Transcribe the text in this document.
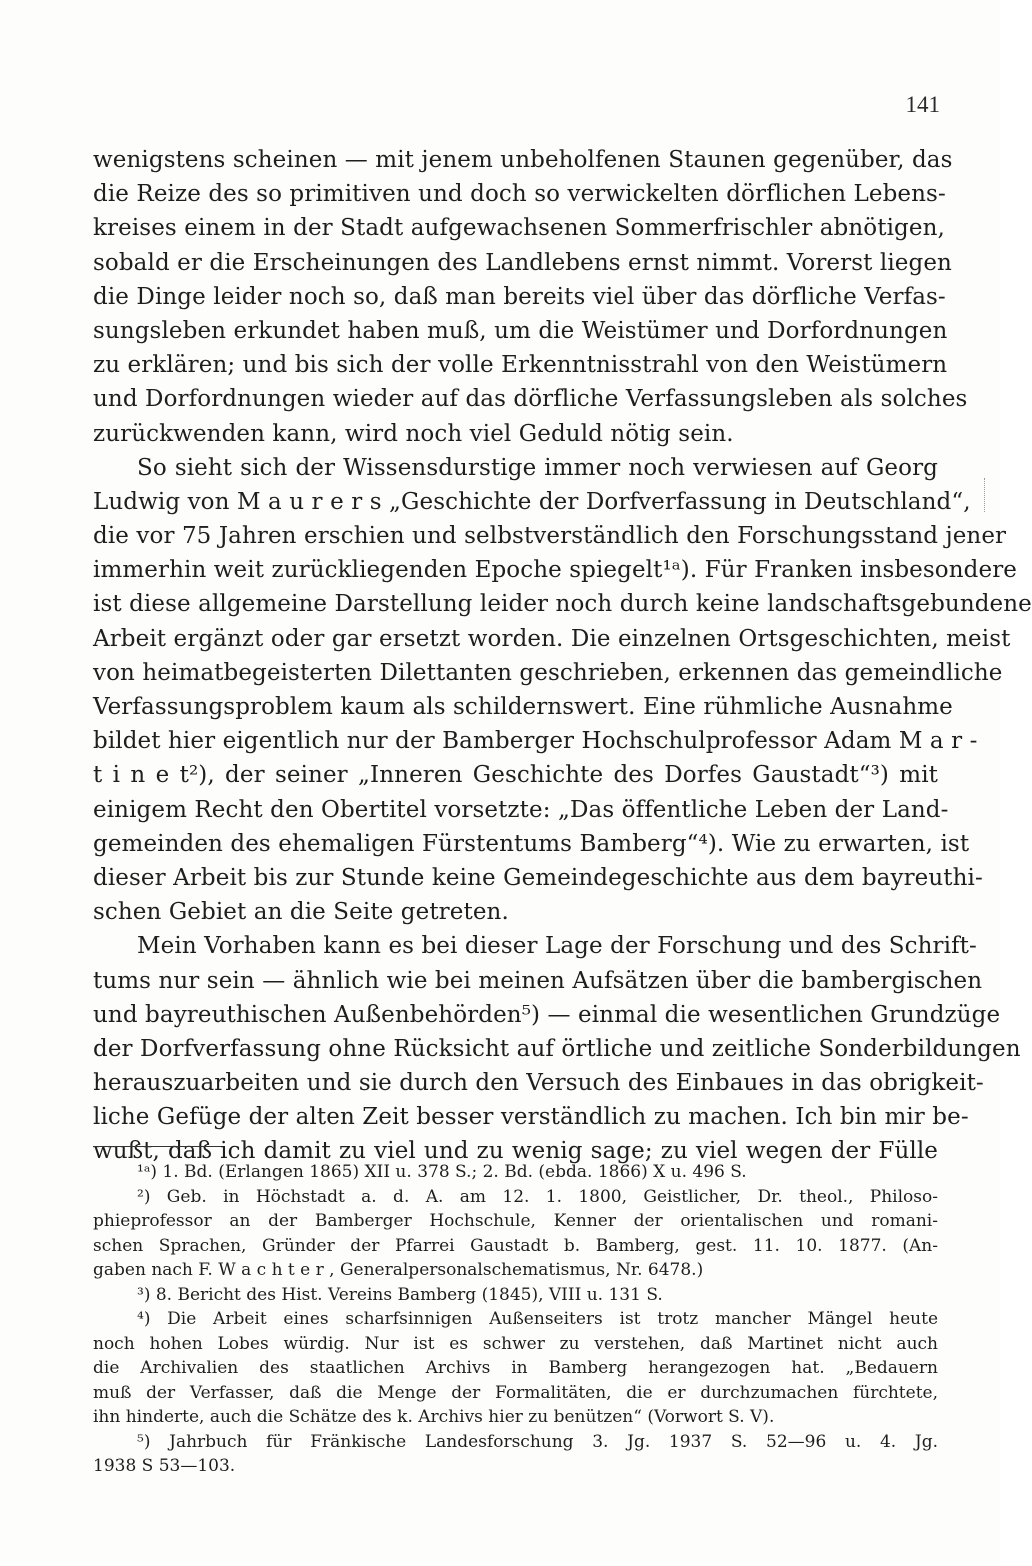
141
wenigstens scheinen — mit jenem unbeholfenen Staunen gegenüber, das
die Reize des so primitiven und doch so verwickelten dörflichen Lebens-
kreises einem in der Stadt aufgewachsenen Sommerfrischler abnötigen,
sobald er die Erscheinungen des Landlebens ernst nimmt. Vorerst liegen
die Dinge leider noch so, daß man bereits viel über das dörfliche Verfas-
sungsleben erkundet haben muß, um die Weistümer und Dorfordnungen
zu erklären; und bis sich der volle Erkenntnisstrahl von den Weistümern
und Dorfordnungen wieder auf das dörfliche Verfassungsleben als solches
zurückwenden kann, wird noch viel Geduld nötig sein.
So sieht sich der Wissensdurstige immer noch verwiesen auf Georg
Ludwig von M a u r e r s „Geschichte der Dorfverfassung in Deutschland“,
die vor 75 Jahren erschien und selbstverständlich den Forschungsstand jener
immerhin weit zurückliegenden Epoche spiegelt¹ᵃ). Für Franken insbesondere
ist diese allgemeine Darstellung leider noch durch keine landschaftsgebundene
Arbeit ergänzt oder gar ersetzt worden. Die einzelnen Ortsgeschichten, meist
von heimatbegeisterten Dilettanten geschrieben, erkennen das gemeindliche
Verfassungsproblem kaum als schildernswert. Eine rühmliche Ausnahme
bildet hier eigentlich nur der Bamberger Hochschulprofessor Adam M a r -
t i n e t²), der seiner „Inneren Geschichte des Dorfes Gaustadt“³) mit
einigem Recht den Obertitel vorsetzte: „Das öffentliche Leben der Land-
gemeinden des ehemaligen Fürstentums Bamberg“⁴). Wie zu erwarten, ist
dieser Arbeit bis zur Stunde keine Gemeindegeschichte aus dem bayreuthi-
schen Gebiet an die Seite getreten.
Mein Vorhaben kann es bei dieser Lage der Forschung und des Schrift-
tums nur sein — ähnlich wie bei meinen Aufsätzen über die bambergischen
und bayreuthischen Außenbehörden⁵) — einmal die wesentlichen Grundzüge
der Dorfverfassung ohne Rücksicht auf örtliche und zeitliche Sonderbildungen
herauszuarbeiten und sie durch den Versuch des Einbaues in das obrigkeit-
liche Gefüge der alten Zeit besser verständlich zu machen. Ich bin mir be-
wußt, daß ich damit zu viel und zu wenig sage; zu viel wegen der Fülle
¹ᵃ) 1. Bd. (Erlangen 1865) XII u. 378 S.; 2. Bd. (ebda. 1866) X u. 496 S.
²) Geb. in Höchstadt a. d. A. am 12. 1. 1800, Geistlicher, Dr. theol., Philoso-
phieprofessor an der Bamberger Hochschule, Kenner der orientalischen und romani-
schen Sprachen, Gründer der Pfarrei Gaustadt b. Bamberg, gest. 11. 10. 1877. (An-
gaben nach F. W a c h t e r , Generalpersonalschematismus, Nr. 6478.)
³) 8. Bericht des Hist. Vereins Bamberg (1845), VIII u. 131 S.
⁴) Die Arbeit eines scharfsinnigen Außenseiters ist trotz mancher Mängel heute
noch hohen Lobes würdig. Nur ist es schwer zu verstehen, daß Martinet nicht auch
die Archivalien des staatlichen Archivs in Bamberg herangezogen hat. „Bedauern
muß der Verfasser, daß die Menge der Formalitäten, die er durchzumachen fürchtete,
ihn hinderte, auch die Schätze des k. Archivs hier zu benützen“ (Vorwort S. V).
⁵) Jahrbuch für Fränkische Landesforschung 3. Jg. 1937 S. 52—96 u. 4. Jg.
1938 S 53—103.
